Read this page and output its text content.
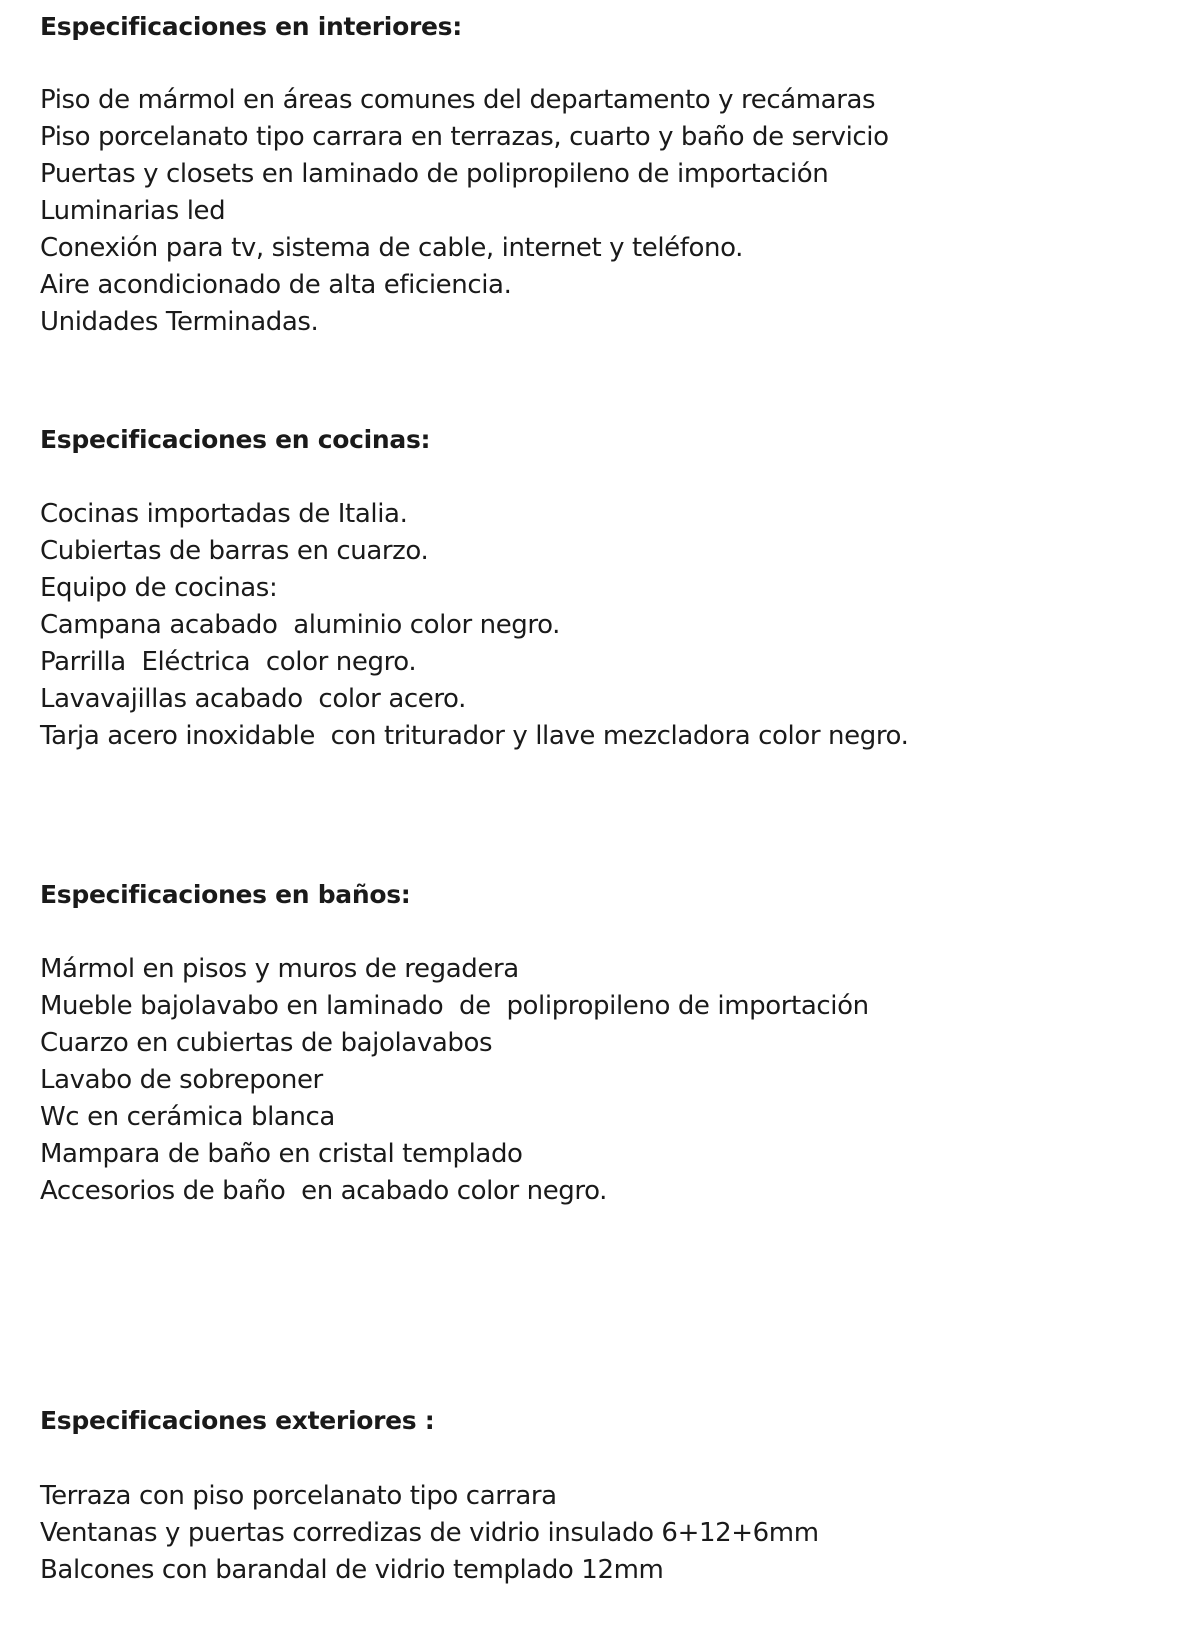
Especificaciones en interiores:
Piso de mármol en áreas comunes del departamento y recámaras
Piso porcelanato tipo carrara en terrazas, cuarto y baño de servicio
Puertas y closets en laminado de polipropileno de importación
Luminarias led
Conexión para tv, sistema de cable, internet y teléfono.
Aire acondicionado de alta eficiencia.
Unidades Terminadas.
Especificaciones en cocinas:
Cocinas importadas de Italia.
Cubiertas de barras en cuarzo.
Equipo de cocinas:
Campana acabado  aluminio color negro.
Parrilla  Eléctrica  color negro.
Lavavajillas acabado  color acero.
Tarja acero inoxidable  con triturador y llave mezcladora color negro.
Especificaciones en baños:
Mármol en pisos y muros de regadera
Mueble bajolavabo en laminado  de  polipropileno de importación
Cuarzo en cubiertas de bajolavabos
Lavabo de sobreponer
Wc en cerámica blanca
Mampara de baño en cristal templado
Accesorios de baño  en acabado color negro.
Especificaciones exteriores :
Terraza con piso porcelanato tipo carrara
Ventanas y puertas corredizas de vidrio insulado 6+12+6mm
Balcones con barandal de vidrio templado 12mm
